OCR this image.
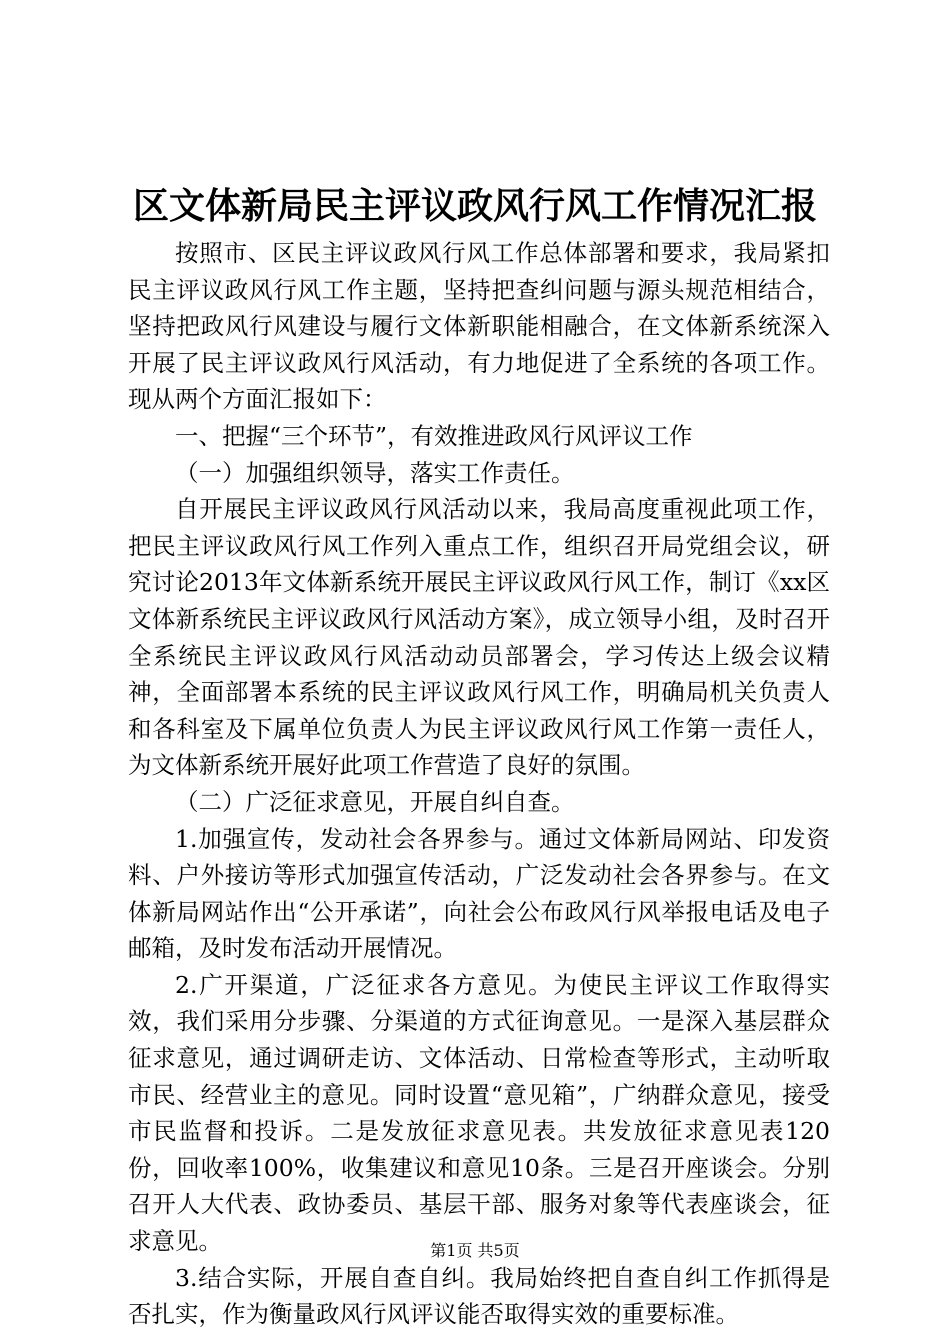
区文体新局民主评议政风行风工作情况汇报

按照市、区民主评议政风行风工作总体部署和要求，我局紧扣民主评议政风行风工作主题，坚持把查纠问题与源头规范相结合，坚持把政风行风建设与履行文体新职能相融合，在文体新系统深入开展了民主评议政风行风活动，有力地促进了全系统的各项工作。现从两个方面汇报如下：

一、把握“三个环节”，有效推进政风行风评议工作

（一）加强组织领导，落实工作责任。

自开展民主评议政风行风活动以来，我局高度重视此项工作，把民主评议政风行风工作列入重点工作，组织召开局党组会议，研究讨论2013年文体新系统开展民主评议政风行风工作，制订《xx区文体新系统民主评议政风行风活动方案》，成立领导小组，及时召开全系统民主评议政风行风活动动员部署会，学习传达上级会议精神，全面部署本系统的民主评议政风行风工作，明确局机关负责人和各科室及下属单位负责人为民主评议政风行风工作第一责任人，为文体新系统开展好此项工作营造了良好的氛围。

（二）广泛征求意见，开展自纠自查。

1.加强宣传，发动社会各界参与。通过文体新局网站、印发资料、户外接访等形式加强宣传活动，广泛发动社会各界参与。在文体新局网站作出“公开承诺”，向社会公布政风行风举报电话及电子邮箱，及时发布活动开展情况。

2.广开渠道，广泛征求各方意见。为使民主评议工作取得实效，我们采用分步骤、分渠道的方式征询意见。一是深入基层群众征求意见，通过调研走访、文体活动、日常检查等形式，主动听取市民、经营业主的意见。同时设置“意见箱”，广纳群众意见，接受市民监督和投诉。二是发放征求意见表。共发放征求意见表120份，回收率100%，收集建议和意见10条。三是召开座谈会。分别召开人大代表、政协委员、基层干部、服务对象等代表座谈会，征求意见。

3.结合实际，开展自查自纠。我局始终把自查自纠工作抓得是否扎实，作为衡量政风行风评议能否取得实效的重要标准。

第1页 共5页
